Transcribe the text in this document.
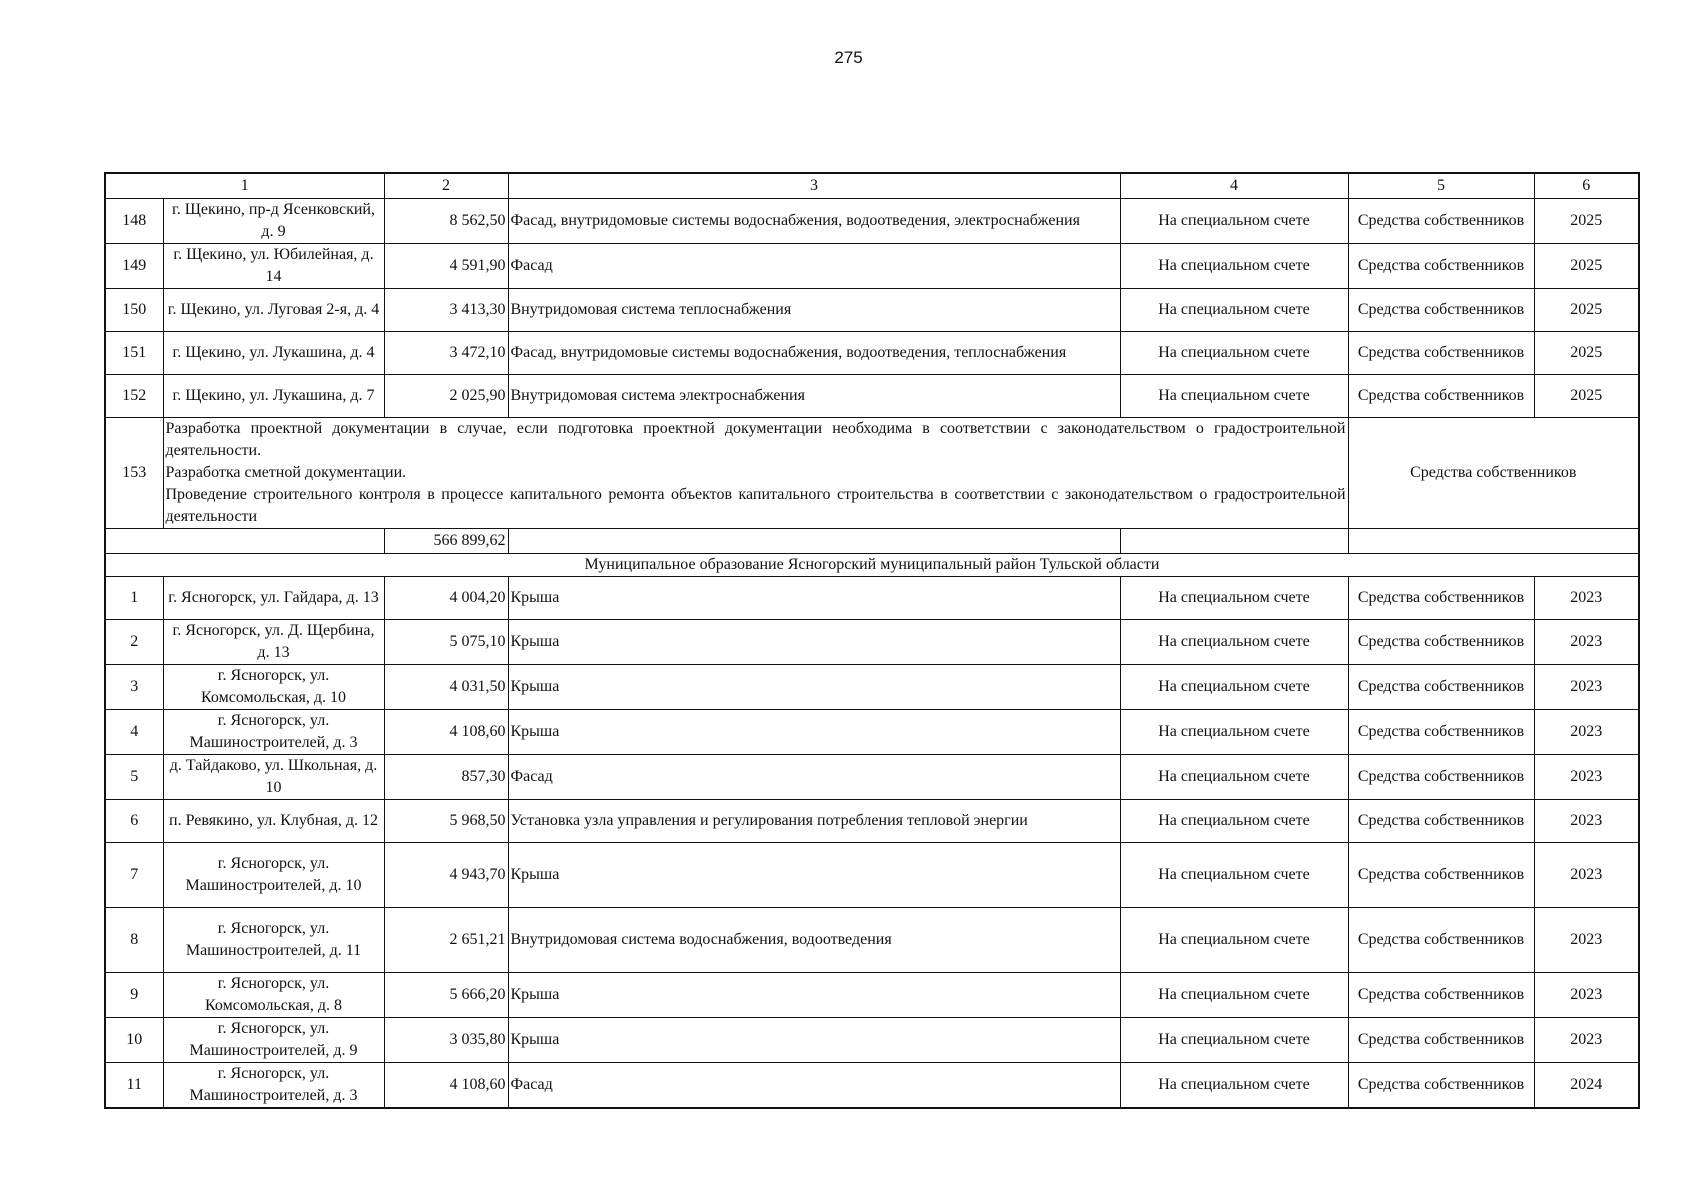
275
1		2	3	4	5	6
148	г. Щекино, пр-д Ясенковский, д. 9	8 562,50	Фасад, внутридомовые системы водоснабжения, водоотведения, электроснабжения	На специальном счете	Средства собственников	2025
149	г. Щекино, ул. Юбилейная, д. 14	4 591,90	Фасад	На специальном счете	Средства собственников	2025
150	г. Щекино, ул. Луговая 2-я, д. 4	3 413,30	Внутридомовая система теплоснабжения	На специальном счете	Средства собственников	2025
151	г. Щекино, ул. Лукашина, д. 4	3 472,10	Фасад, внутридомовые системы водоснабжения, водоотведения, теплоснабжения	На специальном счете	Средства собственников	2025
152	г. Щекино, ул. Лукашина, д. 7	2 025,90	Внутридомовая система электроснабжения	На специальном счете	Средства собственников	2025
153	Разработка проектной документации в случае, если подготовка проектной документации необходима в соответствии с законодательством о градостроительной деятельности.
Разработка сметной документации.
Проведение строительного контроля в процессе капитального ремонта объектов капитального строительства в соответствии с законодательством о градостроительной деятельности				Средства собственников	
		566 899,62				
Муниципальное образование Ясногорский муниципальный район Тульской области						
1	г. Ясногорск, ул. Гайдара, д. 13	4 004,20	Крыша	На специальном счете	Средства собственников	2023
2	г. Ясногорск, ул. Д. Щербина, д. 13	5 075,10	Крыша	На специальном счете	Средства собственников	2023
3	г. Ясногорск, ул. Комсомольская, д. 10	4 031,50	Крыша	На специальном счете	Средства собственников	2023
4	г. Ясногорск, ул. Машиностроителей, д. 3	4 108,60	Крыша	На специальном счете	Средства собственников	2023
5	д. Тайдаково, ул. Школьная, д. 10	857,30	Фасад	На специальном счете	Средства собственников	2023
6	п. Ревякино, ул. Клубная, д. 12	5 968,50	Установка узла управления и регулирования потребления тепловой энергии	На специальном счете	Средства собственников	2023
7	г. Ясногорск, ул. Машиностроителей, д. 10	4 943,70	Крыша	На специальном счете	Средства собственников	2023
8	г. Ясногорск, ул. Машиностроителей, д. 11	2 651,21	Внутридомовая система водоснабжения, водоотведения	На специальном счете	Средства собственников	2023
9	г. Ясногорск, ул. Комсомольская, д. 8	5 666,20	Крыша	На специальном счете	Средства собственников	2023
10	г. Ясногорск, ул. Машиностроителей, д. 9	3 035,80	Крыша	На специальном счете	Средства собственников	2023
11	г. Ясногорск, ул. Машиностроителей, д. 3	4 108,60	Фасад	На специальном счете	Средства собственников	2024
